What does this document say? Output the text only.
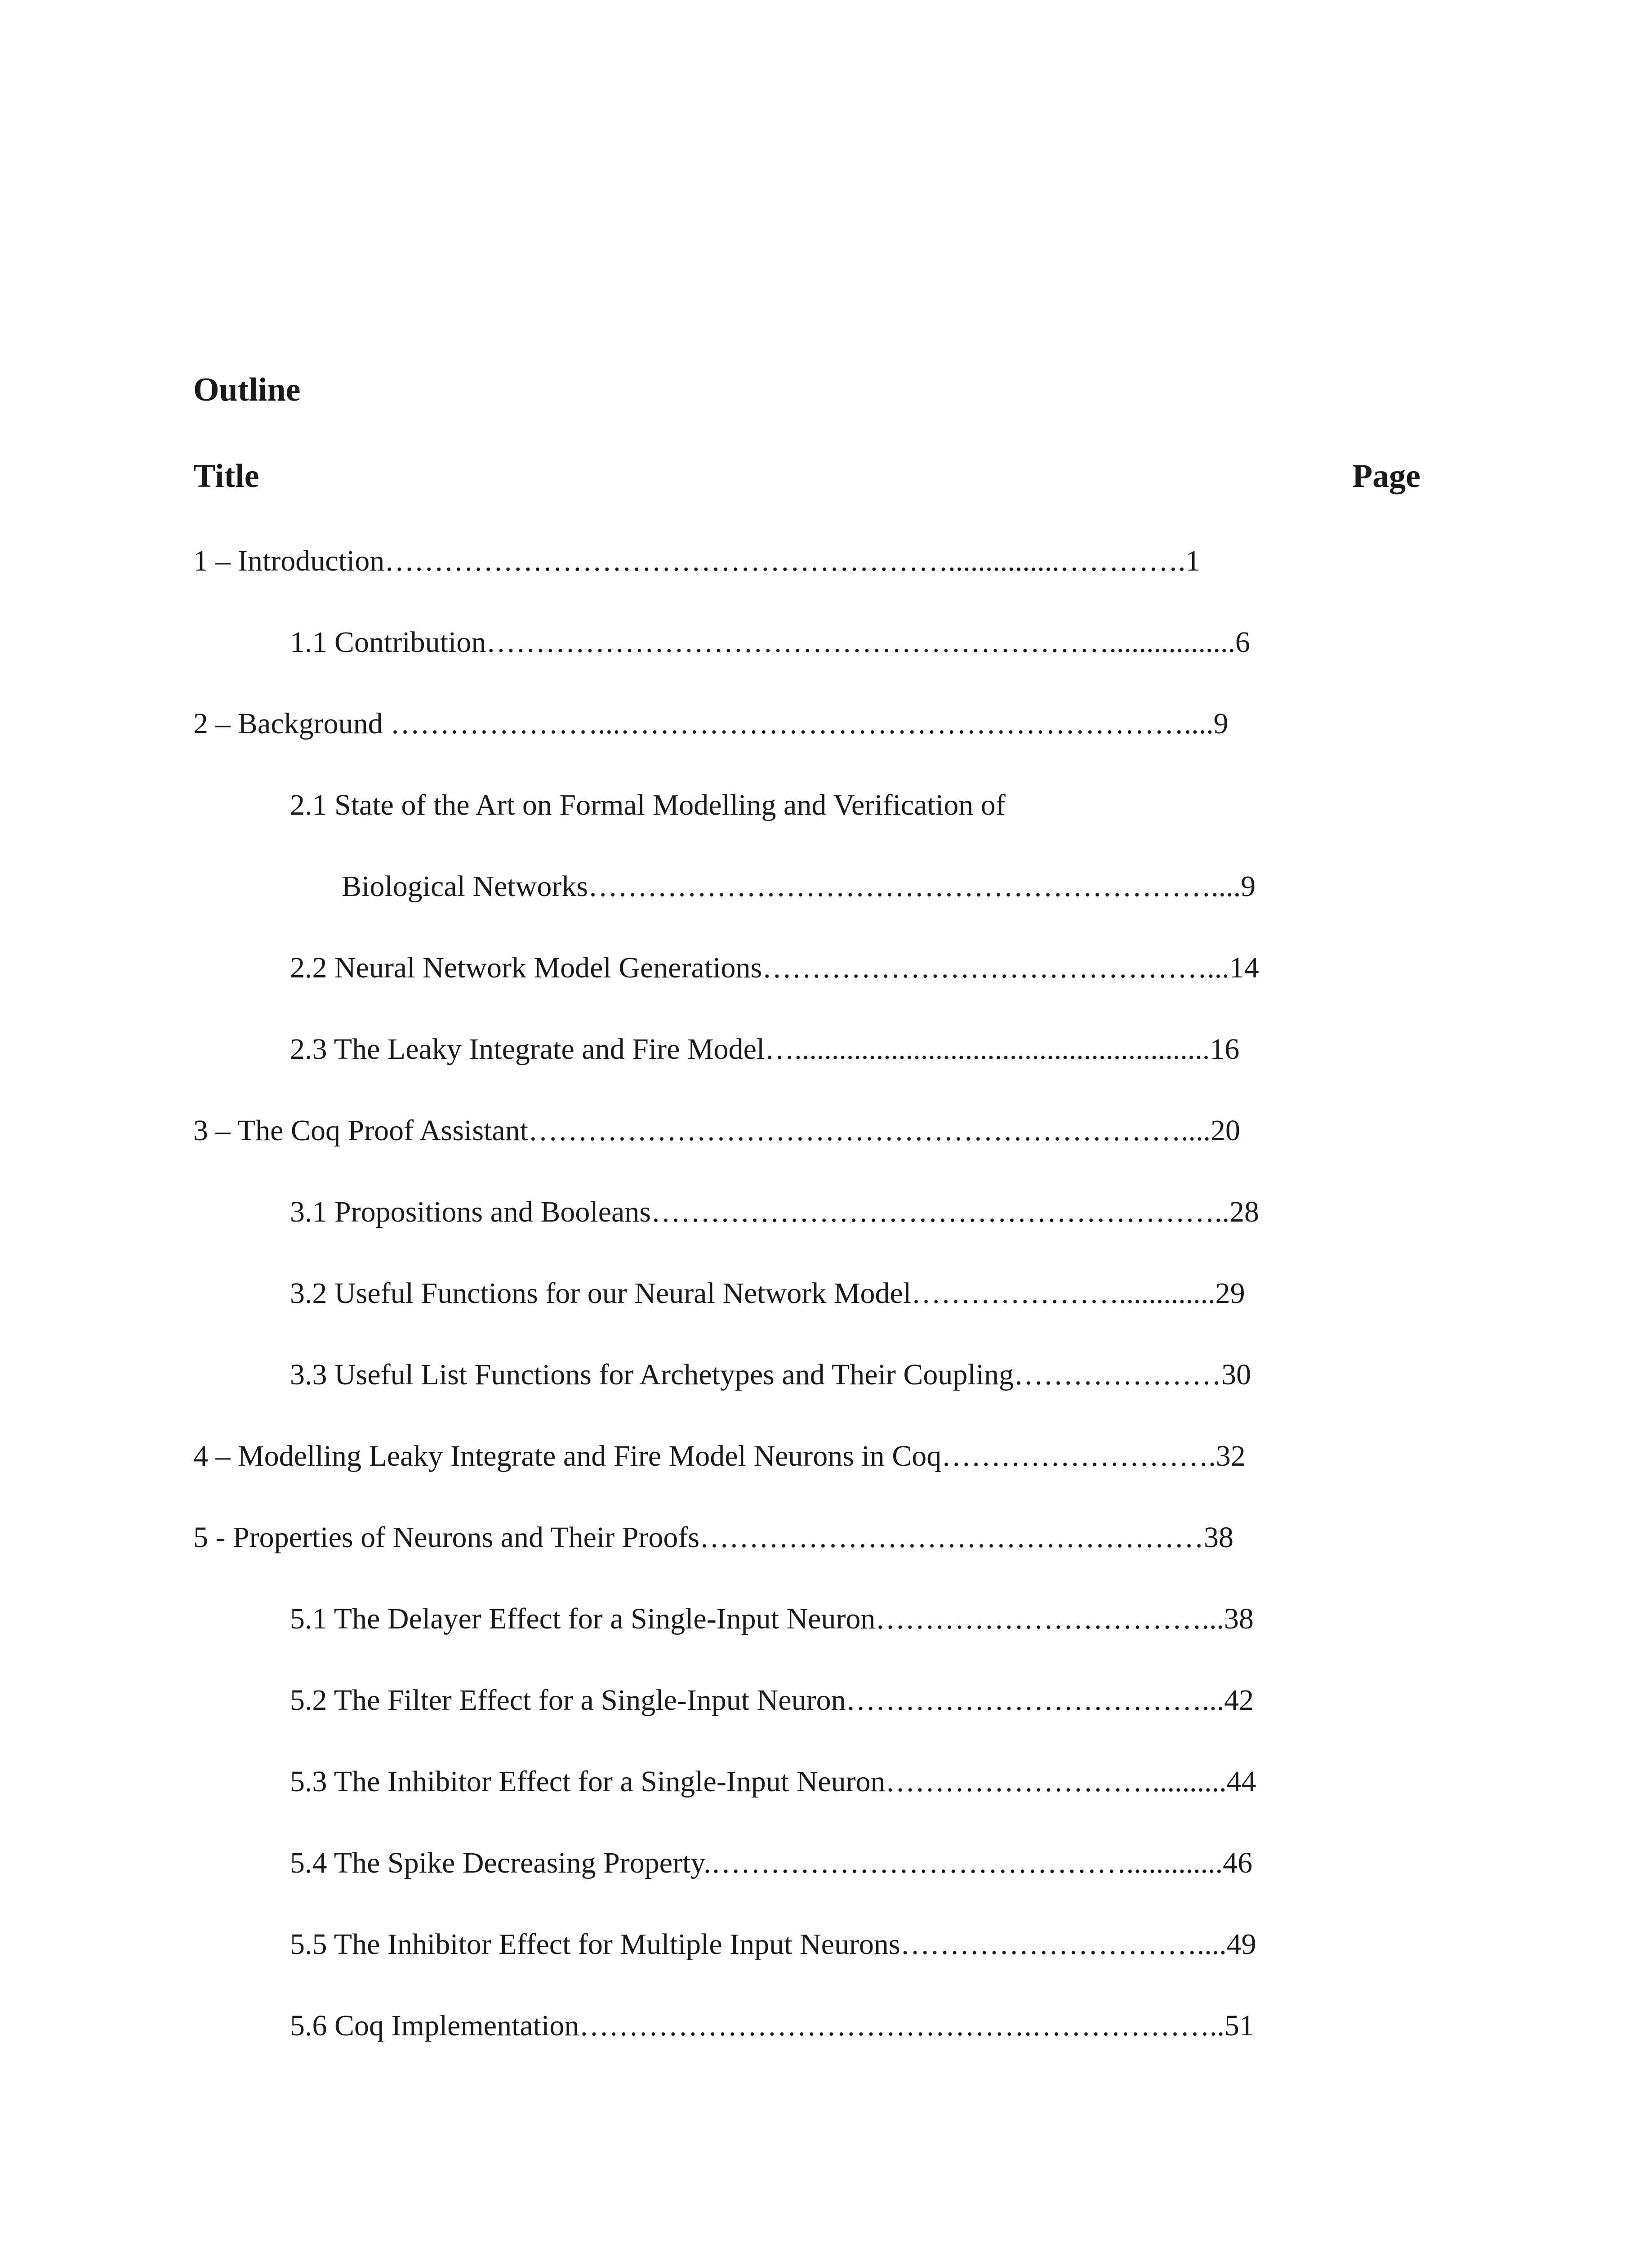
Outline
Title	Page
1 – Introduction…………………………………………………...............………….1
1.1 Contribution……………………………………………………….................6
2 – Background …………………...…………………………………………………....9
2.1 State of the Art on Formal Modelling and Verification of
Biological Networks………………………………………………………....9
2.2 Neural Network Model Generations………………………………………...14
2.3 The Leaky Integrate and Fire Model…........................................................16
3 – The Coq Proof Assistant…………………………………………………………....20
3.1 Propositions and Booleans…………………………………………………..28
3.2 Useful Functions for our Neural Network Model………………….............29
3.3 Useful List Functions for Archetypes and Their Coupling…………………30
4 – Modelling Leaky Integrate and Fire Model Neurons in Coq……………………….32
5 - Properties of Neurons and Their Proofs……………………………………………38
5.1 The Delayer Effect for a Single-Input Neuron……………………………...38
5.2 The Filter Effect for a Single-Input Neuron………………………………...42
5.3 The Inhibitor Effect for a Single-Input Neuron………………………..........44
5.4 The Spike Decreasing Property.…………………………………….............46
5.5 The Inhibitor Effect for Multiple Input Neurons…………………………....49
5.6 Coq Implementation……………………………………….………………..51
